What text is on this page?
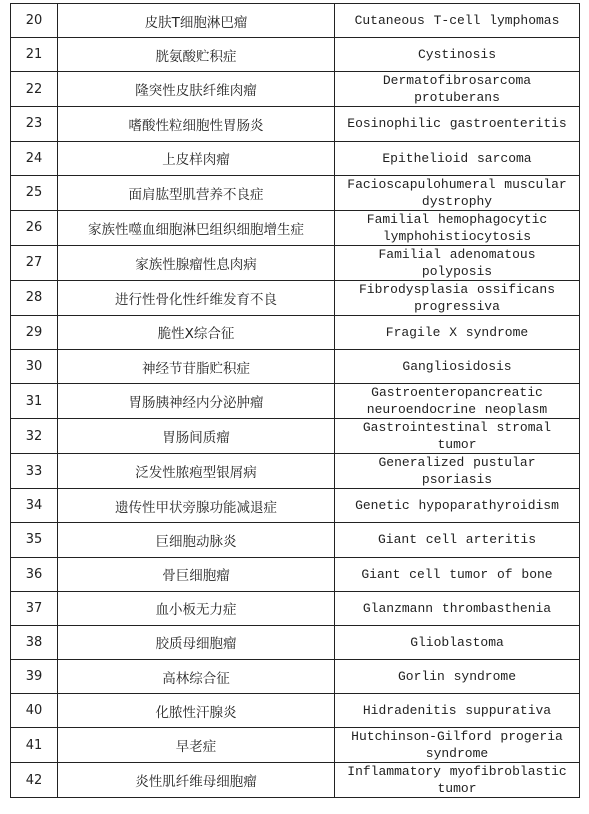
20	皮肤T细胞淋巴瘤	Cutaneous T-cell lymphomas

21	胱氨酸贮积症	Cystinosis

22	隆突性皮肤纤维肉瘤	Dermatofibrosarcoma protuberans

23	嗜酸性粒细胞性胃肠炎	Eosinophilic gastroenteritis

24	上皮样肉瘤	Epithelioid sarcoma

25	面肩肱型肌营养不良症	Facioscapulohumeral muscular dystrophy

26	家族性噬血细胞淋巴组织细胞增生症	Familial hemophagocytic lymphohistiocytosis

27	家族性腺瘤性息肉病	Familial adenomatous polyposis

28	进行性骨化性纤维发育不良	Fibrodysplasia ossificans progressiva

29	脆性X综合征	Fragile X syndrome

30	神经节苷脂贮积症	Gangliosidosis

31	胃肠胰神经内分泌肿瘤	Gastroenteropancreatic neuroendocrine neoplasm

32	胃肠间质瘤	Gastrointestinal stromal tumor

33	泛发性脓疱型银屑病	Generalized pustular psoriasis

34	遗传性甲状旁腺功能减退症	Genetic hypoparathyroidism

35	巨细胞动脉炎	Giant cell arteritis

36	骨巨细胞瘤	Giant cell tumor of bone

37	血小板无力症	Glanzmann thrombasthenia

38	胶质母细胞瘤	Glioblastoma

39	高林综合征	Gorlin syndrome

40	化脓性汗腺炎	Hidradenitis suppurativa

41	早老症	Hutchinson-Gilford progeria syndrome

42	炎性肌纤维母细胞瘤	Inflammatory myofibroblastic tumor
